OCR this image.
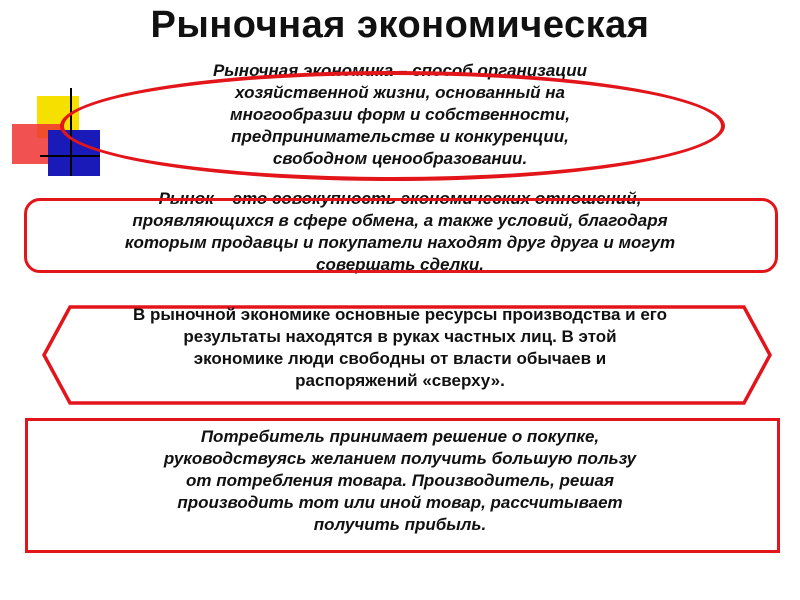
Рыночная экономическая
Рыночная экономика – способ организации
хозяйственной жизни, основанный на
многообразии форм и собственности,
предпринимательстве и конкуренции,
свободном ценообразовании.
Рынок – это совокупность экономических отношений,
проявляющихся в сфере обмена, а также условий, благодаря
которым продавцы и покупатели находят друг друга и могут
совершать сделки.
В рыночной экономике основные ресурсы производства и его
результаты находятся в руках частных лиц. В этой
экономике люди свободны от власти обычаев и
распоряжений «сверху».
Потребитель принимает решение о покупке,
руководствуясь желанием получить большую пользу
от потребления товара. Производитель, решая
производить тот или иной товар, рассчитывает
получить прибыль.
